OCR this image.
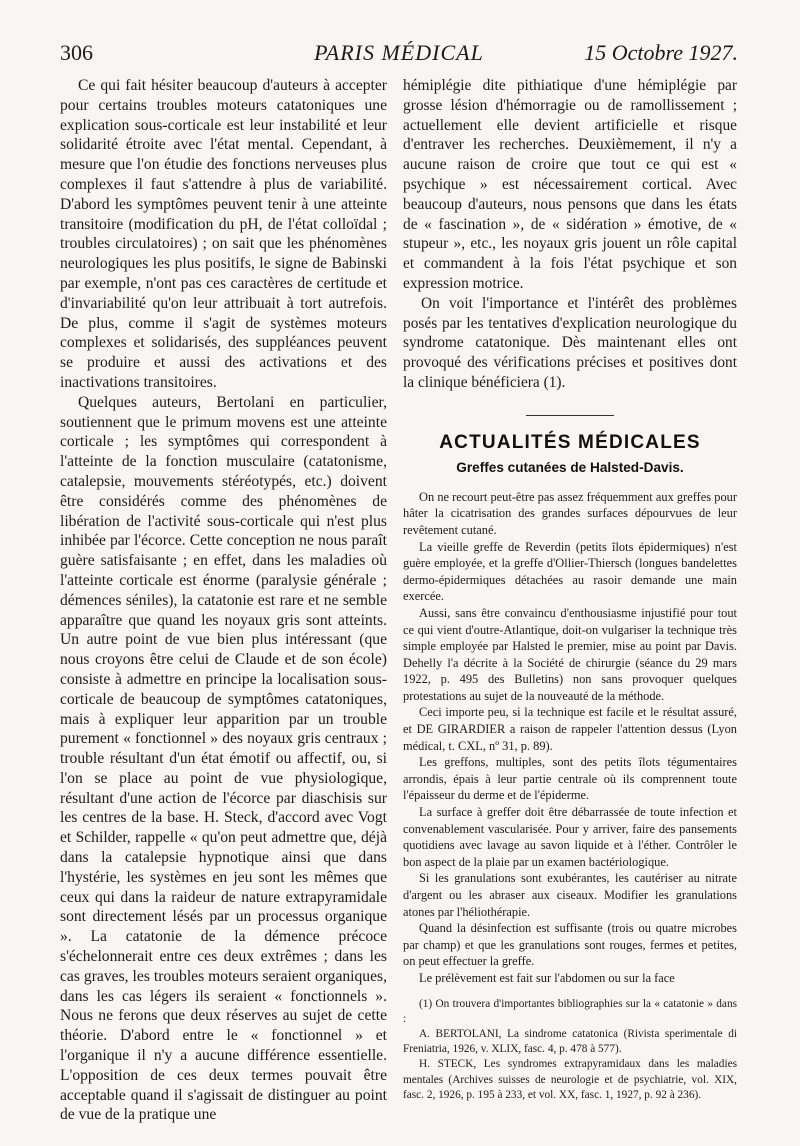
306	PARIS MÉDICAL	15 Octobre 1927.

Ce qui fait hésiter beaucoup d'auteurs à accepter pour certains troubles moteurs catatoniques une explication sous-corticale est leur instabilité et leur solidarité étroite avec l'état mental. Cependant, à mesure que l'on étudie des fonctions nerveuses plus complexes il faut s'attendre à plus de variabilité. D'abord les symptômes peuvent tenir à une atteinte transitoire (modification du pH, de l'état colloïdal ; troubles circulatoires) ; on sait que les phénomènes neurologiques les plus positifs, le signe de Babinski par exemple, n'ont pas ces caractères de certitude et d'invariabilité qu'on leur attribuait à tort autrefois. De plus, comme il s'agit de systèmes moteurs complexes et solidarisés, des suppléances peuvent se produire et aussi des activations et des inactivations transitoires.

Quelques auteurs, Bertolani en particulier, soutiennent que le primum movens est une atteinte corticale ; les symptômes qui correspondent à l'atteinte de la fonction musculaire (catatonisme, catalepsie, mouvements stéréotypés, etc.) doivent être considérés comme des phénomènes de libération de l'activité sous-corticale qui n'est plus inhibée par l'écorce. Cette conception ne nous paraît guère satisfaisante ; en effet, dans les maladies où l'atteinte corticale est énorme (paralysie générale ; démences séniles), la catatonie est rare et ne semble apparaître que quand les noyaux gris sont atteints. Un autre point de vue bien plus intéressant (que nous croyons être celui de Claude et de son école) consiste à admettre en principe la localisation sous-corticale de beaucoup de symptômes catatoniques, mais à expliquer leur apparition par un trouble purement « fonctionnel » des noyaux gris centraux ; trouble résultant d'un état émotif ou affectif, ou, si l'on se place au point de vue physiologique, résultant d'une action de l'écorce par diaschisis sur les centres de la base. H. Steck, d'accord avec Vogt et Schilder, rappelle « qu'on peut admettre que, déjà dans la catalepsie hypnotique ainsi que dans l'hystérie, les systèmes en jeu sont les mêmes que ceux qui dans la raideur de nature extrapyramidale sont directement lésés par un processus organique ». La catatonie de la démence précoce s'échelonnerait entre ces deux extrêmes ; dans les cas graves, les troubles moteurs seraient organiques, dans les cas légers ils seraient « fonctionnels ». Nous ne ferons que deux réserves au sujet de cette théorie. D'abord entre le « fonctionnel » et l'organique il n'y a aucune différence essentielle. L'opposition de ces deux termes pouvait être acceptable quand il s'agissait de distinguer au point de vue de la pratique une

hémiplégie dite pithiatique d'une hémiplégie par grosse lésion d'hémorragie ou de ramollissement ; actuellement elle devient artificielle et risque d'entraver les recherches. Deuxièmement, il n'y a aucune raison de croire que tout ce qui est « psychique » est nécessairement cortical. Avec beaucoup d'auteurs, nous pensons que dans les états de « fascination », de « sidération » émotive, de « stupeur », etc., les noyaux gris jouent un rôle capital et commandent à la fois l'état psychique et son expression motrice.

On voit l'importance et l'intérêt des problèmes posés par les tentatives d'explication neurologique du syndrome catatonique. Dès maintenant elles ont provoqué des vérifications précises et positives dont la clinique bénéficiera (1).

ACTUALITÉS MÉDICALES
Greffes cutanées de Halsted-Davis.

On ne recourt peut-être pas assez fréquemment aux greffes pour hâter la cicatrisation des grandes surfaces dépourvues de leur revêtement cutané.

La vieille greffe de Reverdin (petits îlots épidermiques) n'est guère employée, et la greffe d'Ollier-Thiersch (longues bandelettes dermo-épidermiques détachées au rasoir demande une main exercée.

Aussi, sans être convaincu d'enthousiasme injustifié pour tout ce qui vient d'outre-Atlantique, doit-on vulgariser la technique très simple employée par Halsted le premier, mise au point par Davis. Dehelly l'a décrite à la Société de chirurgie (séance du 29 mars 1922, p. 495 des Bulletins) non sans provoquer quelques protestations au sujet de la nouveauté de la méthode.

Ceci importe peu, si la technique est facile et le résultat assuré, et DE GIRARDIER a raison de rappeler l'attention dessus (Lyon médical, t. CXL, nº 31, p. 89).

Les greffons, multiples, sont des petits îlots tégumentaires arrondis, épais à leur partie centrale où ils comprennent toute l'épaisseur du derme et de l'épiderme.

La surface à greffer doit être débarrassée de toute infection et convenablement vascularisée. Pour y arriver, faire des pansements quotidiens avec lavage au savon liquide et à l'éther. Contrôler le bon aspect de la plaie par un examen bactériologique.

Si les granulations sont exubérantes, les cautériser au nitrate d'argent ou les abraser aux ciseaux. Modifier les granulations atones par l'héliothérapie.

Quand la désinfection est suffisante (trois ou quatre microbes par champ) et que les granulations sont rouges, fermes et petites, on peut effectuer la greffe.

Le prélèvement est fait sur l'abdomen ou sur la face

(1) On trouvera d'importantes bibliographies sur la « catatonie » dans :

A. BERTOLANI, La sindrome catatonica (Rivista sperimentale di Freniatria, 1926, v. XLIX, fasc. 4, p. 478 à 577).

H. STECK, Les syndromes extrapyramidaux dans les maladies mentales (Archives suisses de neurologie et de psychiatrie, vol. XIX, fasc. 2, 1926, p. 195 à 233, et vol. XX, fasc. 1, 1927, p. 92 à 236).
